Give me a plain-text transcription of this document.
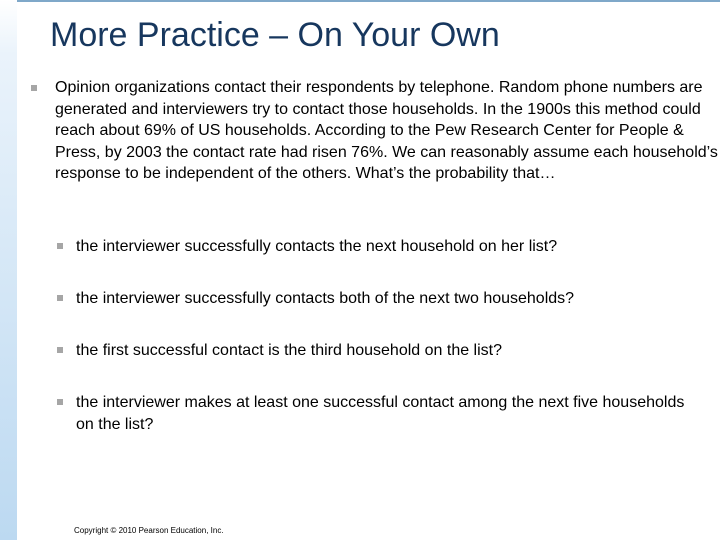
More Practice – On Your Own
Opinion organizations contact their respondents by telephone. Random phone numbers are generated and interviewers try to contact those households. In the 1900s this method could reach about 69% of US households. According to the Pew Research Center for People & Press, by 2003 the contact rate had risen 76%. We can reasonably assume each household’s response to be independent of the others. What’s the probability that…
the interviewer successfully contacts the next household on her list?
the interviewer successfully contacts both of the next two households?
the first successful contact is the third household on the list?
the interviewer makes at least one successful contact among the next five households on the list?
Copyright © 2010 Pearson Education, Inc.
